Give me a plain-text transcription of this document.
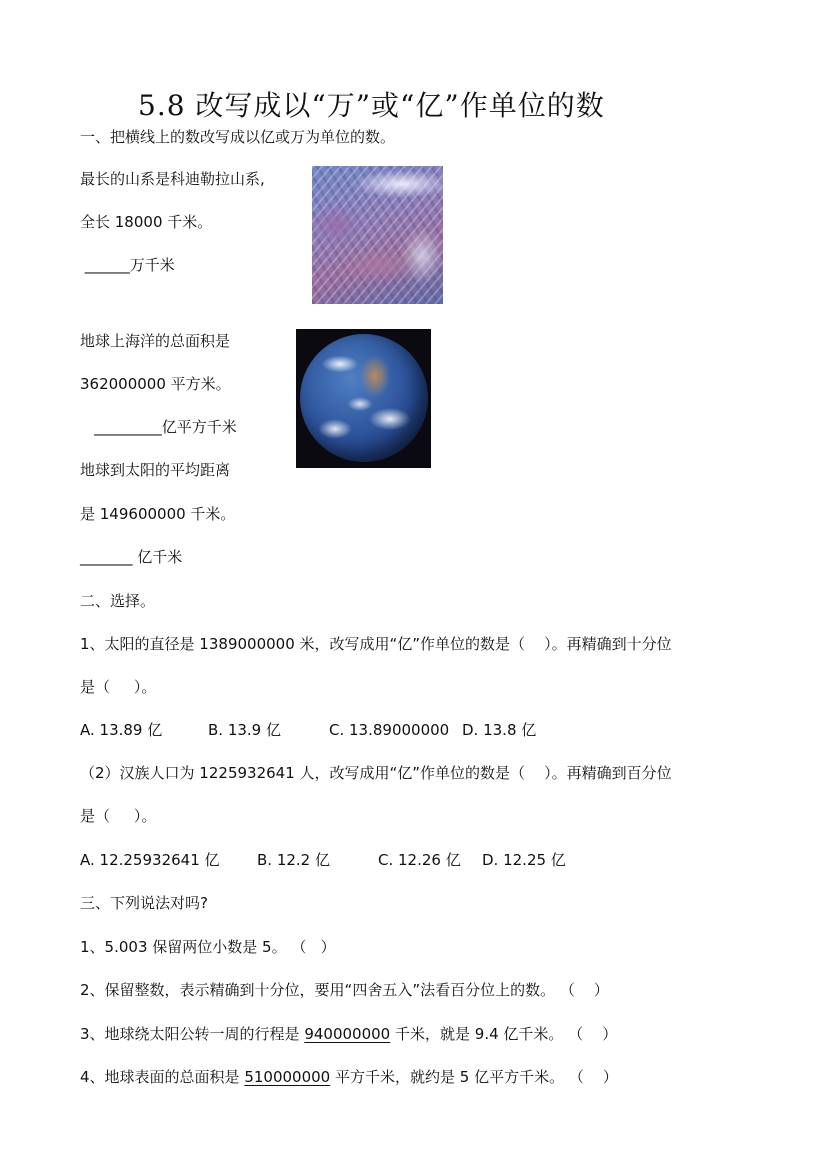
5.8 改写成以“万”或“亿”作单位的数
一、把横线上的数改写成以亿或万为单位的数。
最长的山系是科迪勒拉山系,
全长 18000 千米。
______万千米
地球上海洋的总面积是
362000000 平方米。
_________亿平方千米
地球到太阳的平均距离
是 149600000 千米。
_______ 亿千米
二、选择。
1、太阳的直径是 1389000000 米，改写成用“亿”作单位的数是（    ）。再精确到十分位
是（     ）。
A. 13.89 亿	B. 13.9 亿	C. 13.89000000 D. 13.8 亿
（2）汉族人口为 1225932641 人，改写成用“亿”作单位的数是（    ）。再精确到百分位
是（     ）。
A. 12.25932641 亿 B. 12.2 亿	C. 12.26 亿 D. 12.25 亿
三、下列说法对吗?
1、5.003 保留两位小数是 5。 （   ）
2、保留整数，表示精确到十分位，要用“四舍五入”法看百分位上的数。 （    ）
3、地球绕太阳公转一周的行程是 940000000 千米，就是 9.4 亿千米。 （    ）
4、地球表面的总面积是 510000000 平方千米，就约是 5 亿平方千米。 （    ）
